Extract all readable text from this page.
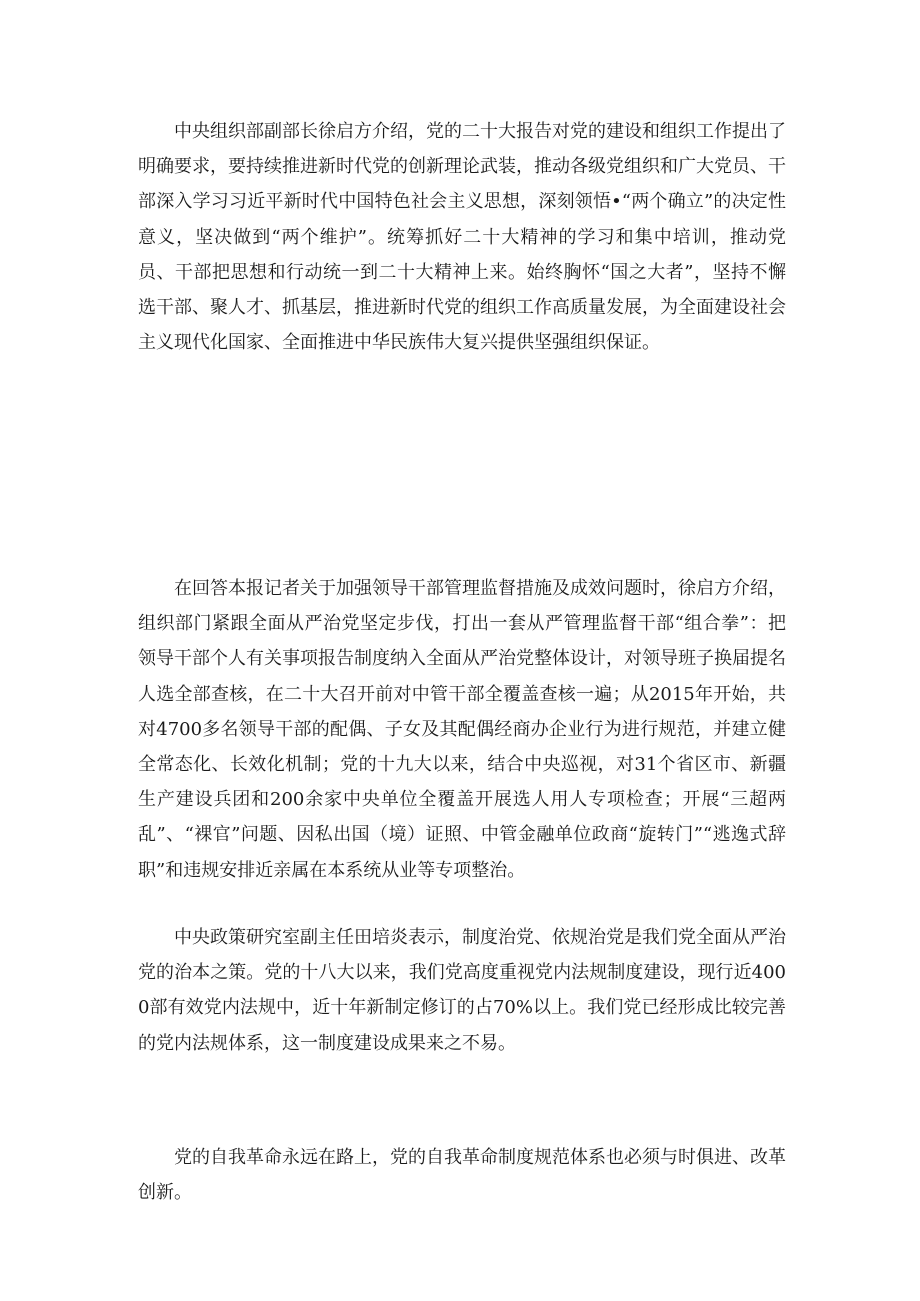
中央组织部副部长徐启方介绍，党的二十大报告对党的建设和组织工作提出了明确要求，要持续推进新时代党的创新理论武装，推动各级党组织和广大党员、干部深入学习习近平新时代中国特色社会主义思想，深刻领悟•“两个确立”的决定性意义，坚决做到“两个维护”。统筹抓好二十大精神的学习和集中培训，推动党员、干部把思想和行动统一到二十大精神上来。始终胸怀“国之大者”，坚持不懈选干部、聚人才、抓基层，推进新时代党的组织工作高质量发展，为全面建设社会主义现代化国家、全面推进中华民族伟大复兴提供坚强组织保证。

在回答本报记者关于加强领导干部管理监督措施及成效问题时，徐启方介绍，组织部门紧跟全面从严治党坚定步伐，打出一套从严管理监督干部“组合拳”：把领导干部个人有关事项报告制度纳入全面从严治党整体设计，对领导班子换届提名人选全部查核，在二十大召开前对中管干部全覆盖查核一遍；从2015年开始，共对4700多名领导干部的配偶、子女及其配偶经商办企业行为进行规范，并建立健全常态化、长效化机制；党的十九大以来，结合中央巡视，对31个省区市、新疆生产建设兵团和200余家中央单位全覆盖开展选人用人专项检查；开展“三超两乱”、“裸官”问题、因私出国（境）证照、中管金融单位政商“旋转门”“逃逸式辞职”和违规安排近亲属在本系统从业等专项整治。

中央政策研究室副主任田培炎表示，制度治党、依规治党是我们党全面从严治党的治本之策。党的十八大以来，我们党高度重视党内法规制度建设，现行近4000部有效党内法规中，近十年新制定修订的占70%以上。我们党已经形成比较完善的党内法规体系，这一制度建设成果来之不易。

党的自我革命永远在路上，党的自我革命制度规范体系也必须与时俱进、改革创新。
